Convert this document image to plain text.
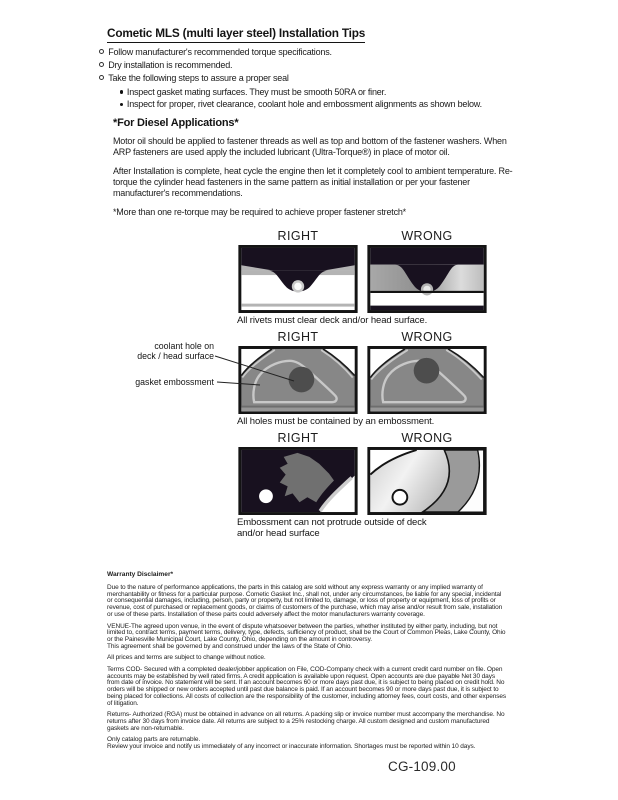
Cometic MLS (multi layer steel) Installation Tips
Follow manufacturer's recommended torque specifications.
Dry installation is recommended.
Take the following steps to assure a proper seal
Inspect gasket mating surfaces. They must be smooth 50RA or finer.
Inspect for proper, rivet clearance, coolant hole and embossment alignments as shown below.
*For Diesel Applications*

Motor oil should be applied to fastener threads as well as top and bottom of the fastener washers. When ARP fasteners are used apply the included lubricant (Ultra-Torque®) in place of motor oil.

After Installation is complete, heat cycle the engine then let it completely cool to ambient temperature. Re-torque the cylinder head fasteners in the same pattern as initial installation or per your fastener manufacturer's recommendations.

*More than one re-torque may be required to achieve proper fastener stretch*

RIGHT	WRONG
All rivets must clear deck and/or head surface.
coolant hole on
deck / head surface
gasket embossment
RIGHT	WRONG
All holes must be contained by an embossment.
RIGHT	WRONG
Embossment can not protrude outside of deck and/or head surface
Warranty Disclaimer*

Due to the nature of performance applications, the parts in this catalog are sold without any express warranty or any implied warranty of merchantability or fitness for a particular purpose. Cometic Gasket Inc., shall not, under any circumstances, be liable for any special, incidental or consequential damages, including, person, party or property, but not limited to, damage, or loss of property or equipment, loss of profits or revenue, cost of purchased or replacement goods, or claims of customers of the purchase, which may arise and/or result from sale, installation or use of these parts. Installation of these parts could adversely affect the motor manufacturers warranty coverage.

VENUE-The agreed upon venue, in the event of dispute whatsoever between the parties, whether instituted by either party, including, but not limited to, contract terms, payment terms, delivery, type, defects, sufficiency of product, shall be the Court of Common Pleas, Lake County, Ohio or the Painesville Municipal Court, Lake County, Ohio, depending on the amount in controversy.

This agreement shall be governed by and construed under the laws of the State of Ohio.

All prices and terms are subject to change without notice.

Terms COD- Secured with a completed dealer/jobber application on File, COD-Company check with a current credit card number on file. Open accounts may be established by well rated firms. A credit application is available upon request. Open accounts are due payable Net 30 days from date of invoice. No statement will be sent. If an account becomes 60 or more days past due, it is subject to being placed on credit hold. No orders will be shipped or new orders accepted until past due balance is paid. If an account becomes 90 or more days past due, it is subject to being placed for collections. All costs of collection are the responsibility of the customer, including attorney fees, court costs, and other expenses of litigation.

Returns- Authorized (RGA) must be obtained in advance on all returns. A packing slip or invoice number must accompany the merchandise. No returns after 30 days from invoice date. All returns are subject to a 25% restocking charge. All custom designed and custom manufactured gaskets are non-returnable.

Only catalog parts are returnable.

Review your invoice and notify us immediately of any incorrect or inaccurate information. Shortages must be reported within 10 days.

CG-109.00
